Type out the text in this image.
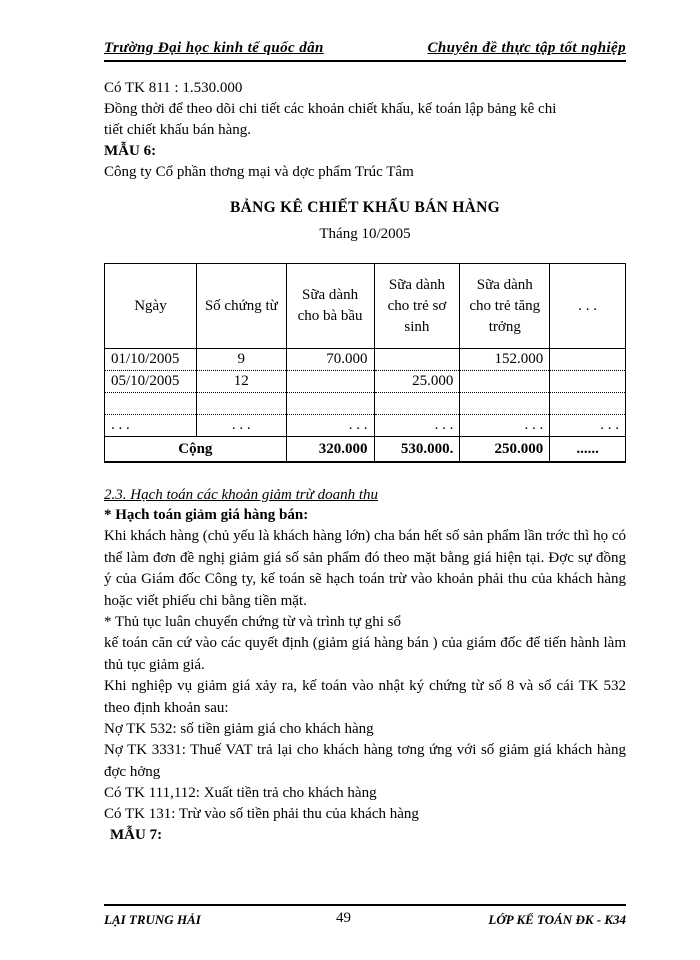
Trường Đại học kinh tế quốc dân	Chuyên đề thực tập tốt nghiệp

Có TK 811 : 1.530.000

Đồng thời để theo dõi chi tiết các khoản chiết khấu, kế toán lập bảng kê chi

tiết chiết khấu bán hàng.

MẪU 6:

Công ty Cổ phần thơng mại và dợc phẩm Trúc Tâm

BẢNG KÊ CHIẾT KHẤU BÁN HÀNG
Tháng 10/2005
Ngày	Số chứng từ	Sữa dành cho bà bầu	Sữa dành cho trẻ sơ sinh	Sữa dành cho trẻ tăng trởng	. . .
01/10/2005	9	70.000		152.000	
05/10/2005	12		25.000		

. . .	. . .	. . .	. . .	. . .	. . .
Cộng		320.000	530.000.	250.000	......

2.3. Hạch toán các khoản giảm trừ doanh thu

* Hạch toán giảm giá hàng bán:

Khi khách hàng (chủ yếu là khách hàng lớn) cha bán hết số sản phẩm lần trớc thì họ có thể làm đơn đề nghị giảm giá số sản phẩm đó theo mặt bằng giá hiện tại. Đợc sự đồng ý của Giám đốc Công ty, kế toán sẽ hạch toán trừ vào khoản phải thu của khách hàng hoặc viết phiếu chi bằng tiền mặt.

* Thủ tục luân chuyển chứng từ và trình tự ghi sổ

kế toán căn cứ vào các quyết định (giảm giá hàng bán ) của giám đốc để tiến hành làm thủ tục giảm giá.

Khi nghiệp vụ giảm giá xảy ra, kế toán vào nhật ký chứng từ số 8 và sổ cái TK 532 theo định khoản sau:

Nợ TK 532: số tiền giảm giá cho khách hàng

Nợ TK 3331: Thuế VAT trả lại cho khách hàng tơng ứng với số giảm giá khách hàng đợc hởng

Có TK 111,112: Xuất tiền trả cho khách hàng

Có TK 131: Trừ vào số tiền phải thu của khách hàng

MẪU 7:

LẠI TRUNG HẢI	49	LỚP KẾ TOÁN ĐK - K34
